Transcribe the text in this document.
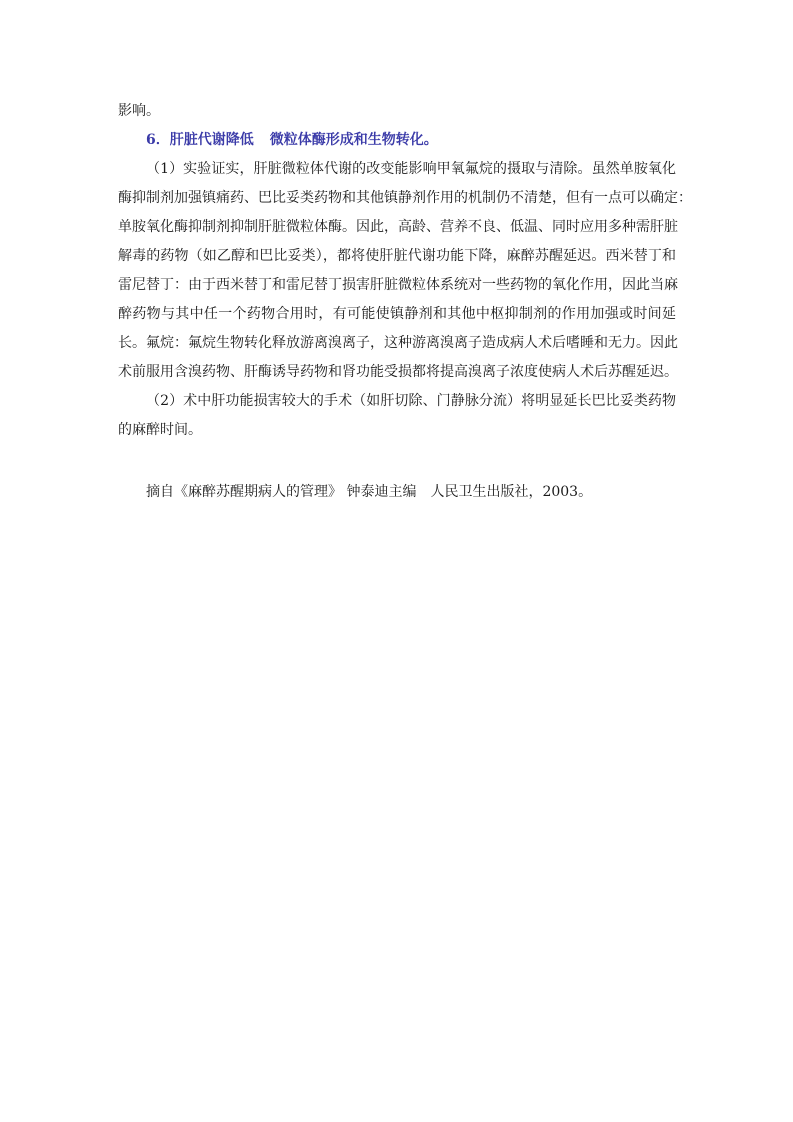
影响。

6．肝脏代谢降低 微粒体酶形成和生物转化。

（1）实验证实，肝脏微粒体代谢的改变能影响甲氧氟烷的摄取与清除。虽然单胺氧化

酶抑制剂加强镇痛药、巴比妥类药物和其他镇静剂作用的机制仍不清楚，但有一点可以确定：

单胺氧化酶抑制剂抑制肝脏微粒体酶。因此，高龄、营养不良、低温、同时应用多种需肝脏

解毒的药物（如乙醇和巴比妥类），都将使肝脏代谢功能下降，麻醉苏醒延迟。西米替丁和

雷尼替丁：由于西米替丁和雷尼替丁损害肝脏微粒体系统对一些药物的氧化作用，因此当麻

醉药物与其中任一个药物合用时，有可能使镇静剂和其他中枢抑制剂的作用加强或时间延

长。氟烷：氟烷生物转化释放游离溴离子，这种游离溴离子造成病人术后嗜睡和无力。因此

术前服用含溴药物、肝酶诱导药物和肾功能受损都将提高溴离子浓度使病人术后苏醒延迟。

（2）术中肝功能损害较大的手术（如肝切除、门静脉分流）将明显延长巴比妥类药物

的麻醉时间。

摘自《麻醉苏醒期病人的管理》 钟泰迪主编　人民卫生出版社，2003。
